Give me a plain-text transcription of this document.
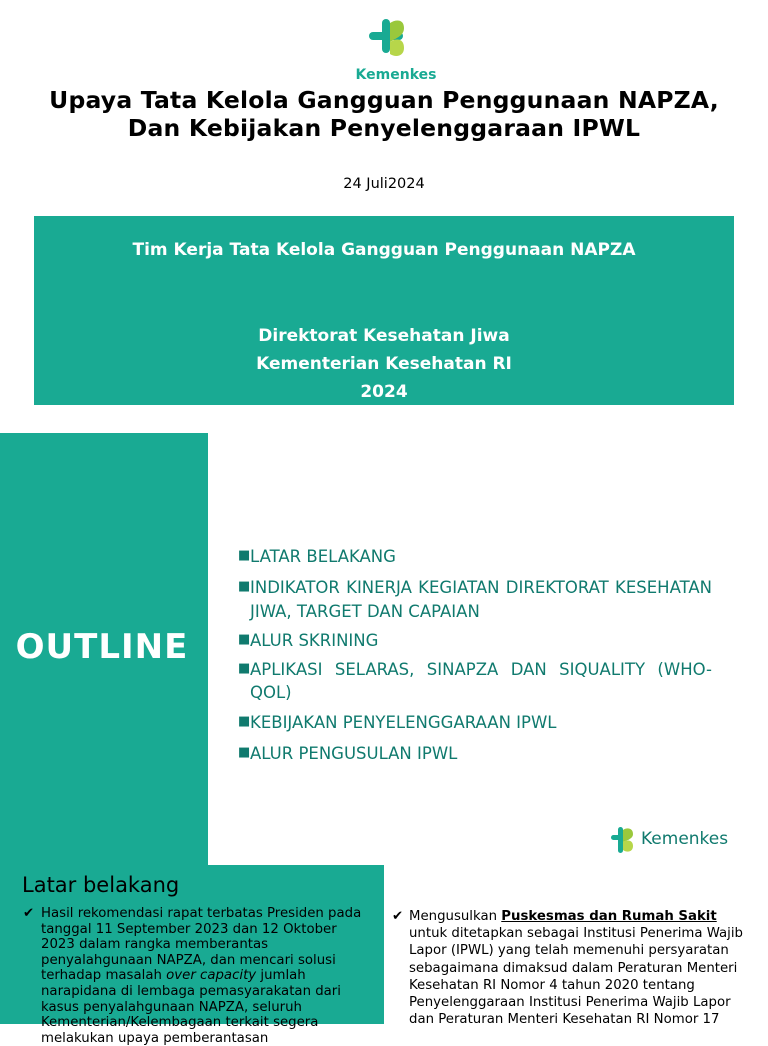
Kemenkes
Upaya Tata Kelola Gangguan Penggunaan NAPZA, Dan Kebijakan Penyelenggaraan IPWL
24 Juli2024
Tim Kerja Tata Kelola Gangguan Penggunaan NAPZA
Direktorat Kesehatan Jiwa
Kementerian Kesehatan RI
2024
OUTLINE
■ LATAR BELAKANG
■ INDIKATOR KINERJA KEGIATAN DIREKTORAT KESEHATAN JIWA, TARGET DAN CAPAIAN
■ ALUR SKRINING
■ APLIKASI SELARAS, SINAPZA DAN SIQUALITY (WHO-QOL)
■ KEBIJAKAN PENYELENGGARAAN IPWL
■ ALUR PENGUSULAN IPWL
Kemenkes
Latar belakang
✔ Hasil rekomendasi rapat terbatas Presiden pada tanggal 11 September 2023 dan 12 Oktober 2023 dalam rangka memberantas penyalahgunaan NAPZA, dan mencari solusi terhadap masalah over capacity jumlah narapidana di lembaga pemasyarakatan dari kasus penyalahgunaan NAPZA, seluruh Kementerian/Kelembagaan terkait segera melakukan upaya pemberantasan
✔ Mengusulkan Puskesmas dan Rumah Sakit untuk ditetapkan sebagai Institusi Penerima Wajib Lapor (IPWL) yang telah memenuhi persyaratan sebagaimana dimaksud dalam Peraturan Menteri Kesehatan RI Nomor 4 tahun 2020 tentang Penyelenggaraan Institusi Penerima Wajib Lapor dan Peraturan Menteri Kesehatan RI Nomor 17
